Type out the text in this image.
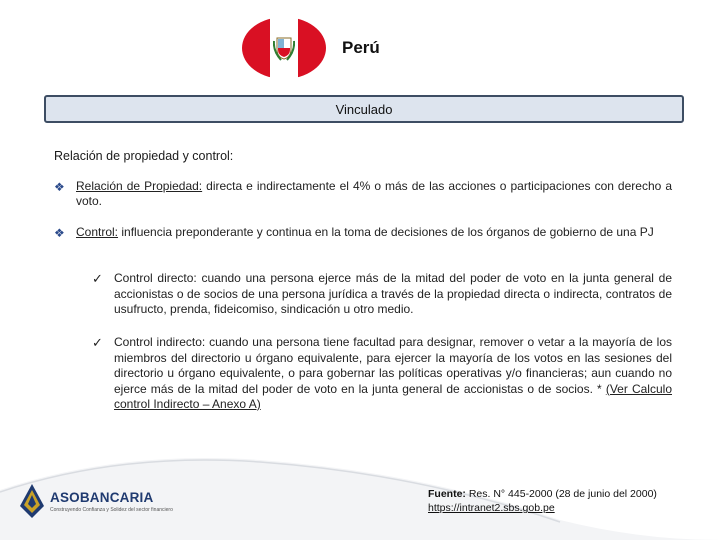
Perú
Vinculado
Relación de propiedad y control:
❖ Relación de Propiedad: directa e indirectamente el 4% o más de las acciones o participaciones con derecho a voto.
❖ Control: influencia preponderante y continua en la toma de decisiones de los órganos de gobierno de una PJ
✓ Control directo: cuando una persona ejerce más de la mitad del poder de voto en la junta general de accionistas o de socios de una persona jurídica a través de la propiedad directa o indirecta, contratos de usufructo, prenda, fideicomiso, sindicación u otro medio.
✓ Control indirecto: cuando una persona tiene facultad para designar, remover o vetar a la mayoría de los miembros del directorio u órgano equivalente, para ejercer la mayoría de los votos en las sesiones del directorio u órgano equivalente, o para gobernar las políticas operativas y/o financieras; aun cuando no ejerce más de la mitad del poder de voto en la junta general de accionistas o de socios. * (Ver Calculo control Indirecto – Anexo A)
ASOBANCARIA
Construyendo Confianza y Solidez del sector financiero
Fuente: Res. N° 445-2000 (28 de junio del 2000)
https://intranet2.sbs.gob.pe
